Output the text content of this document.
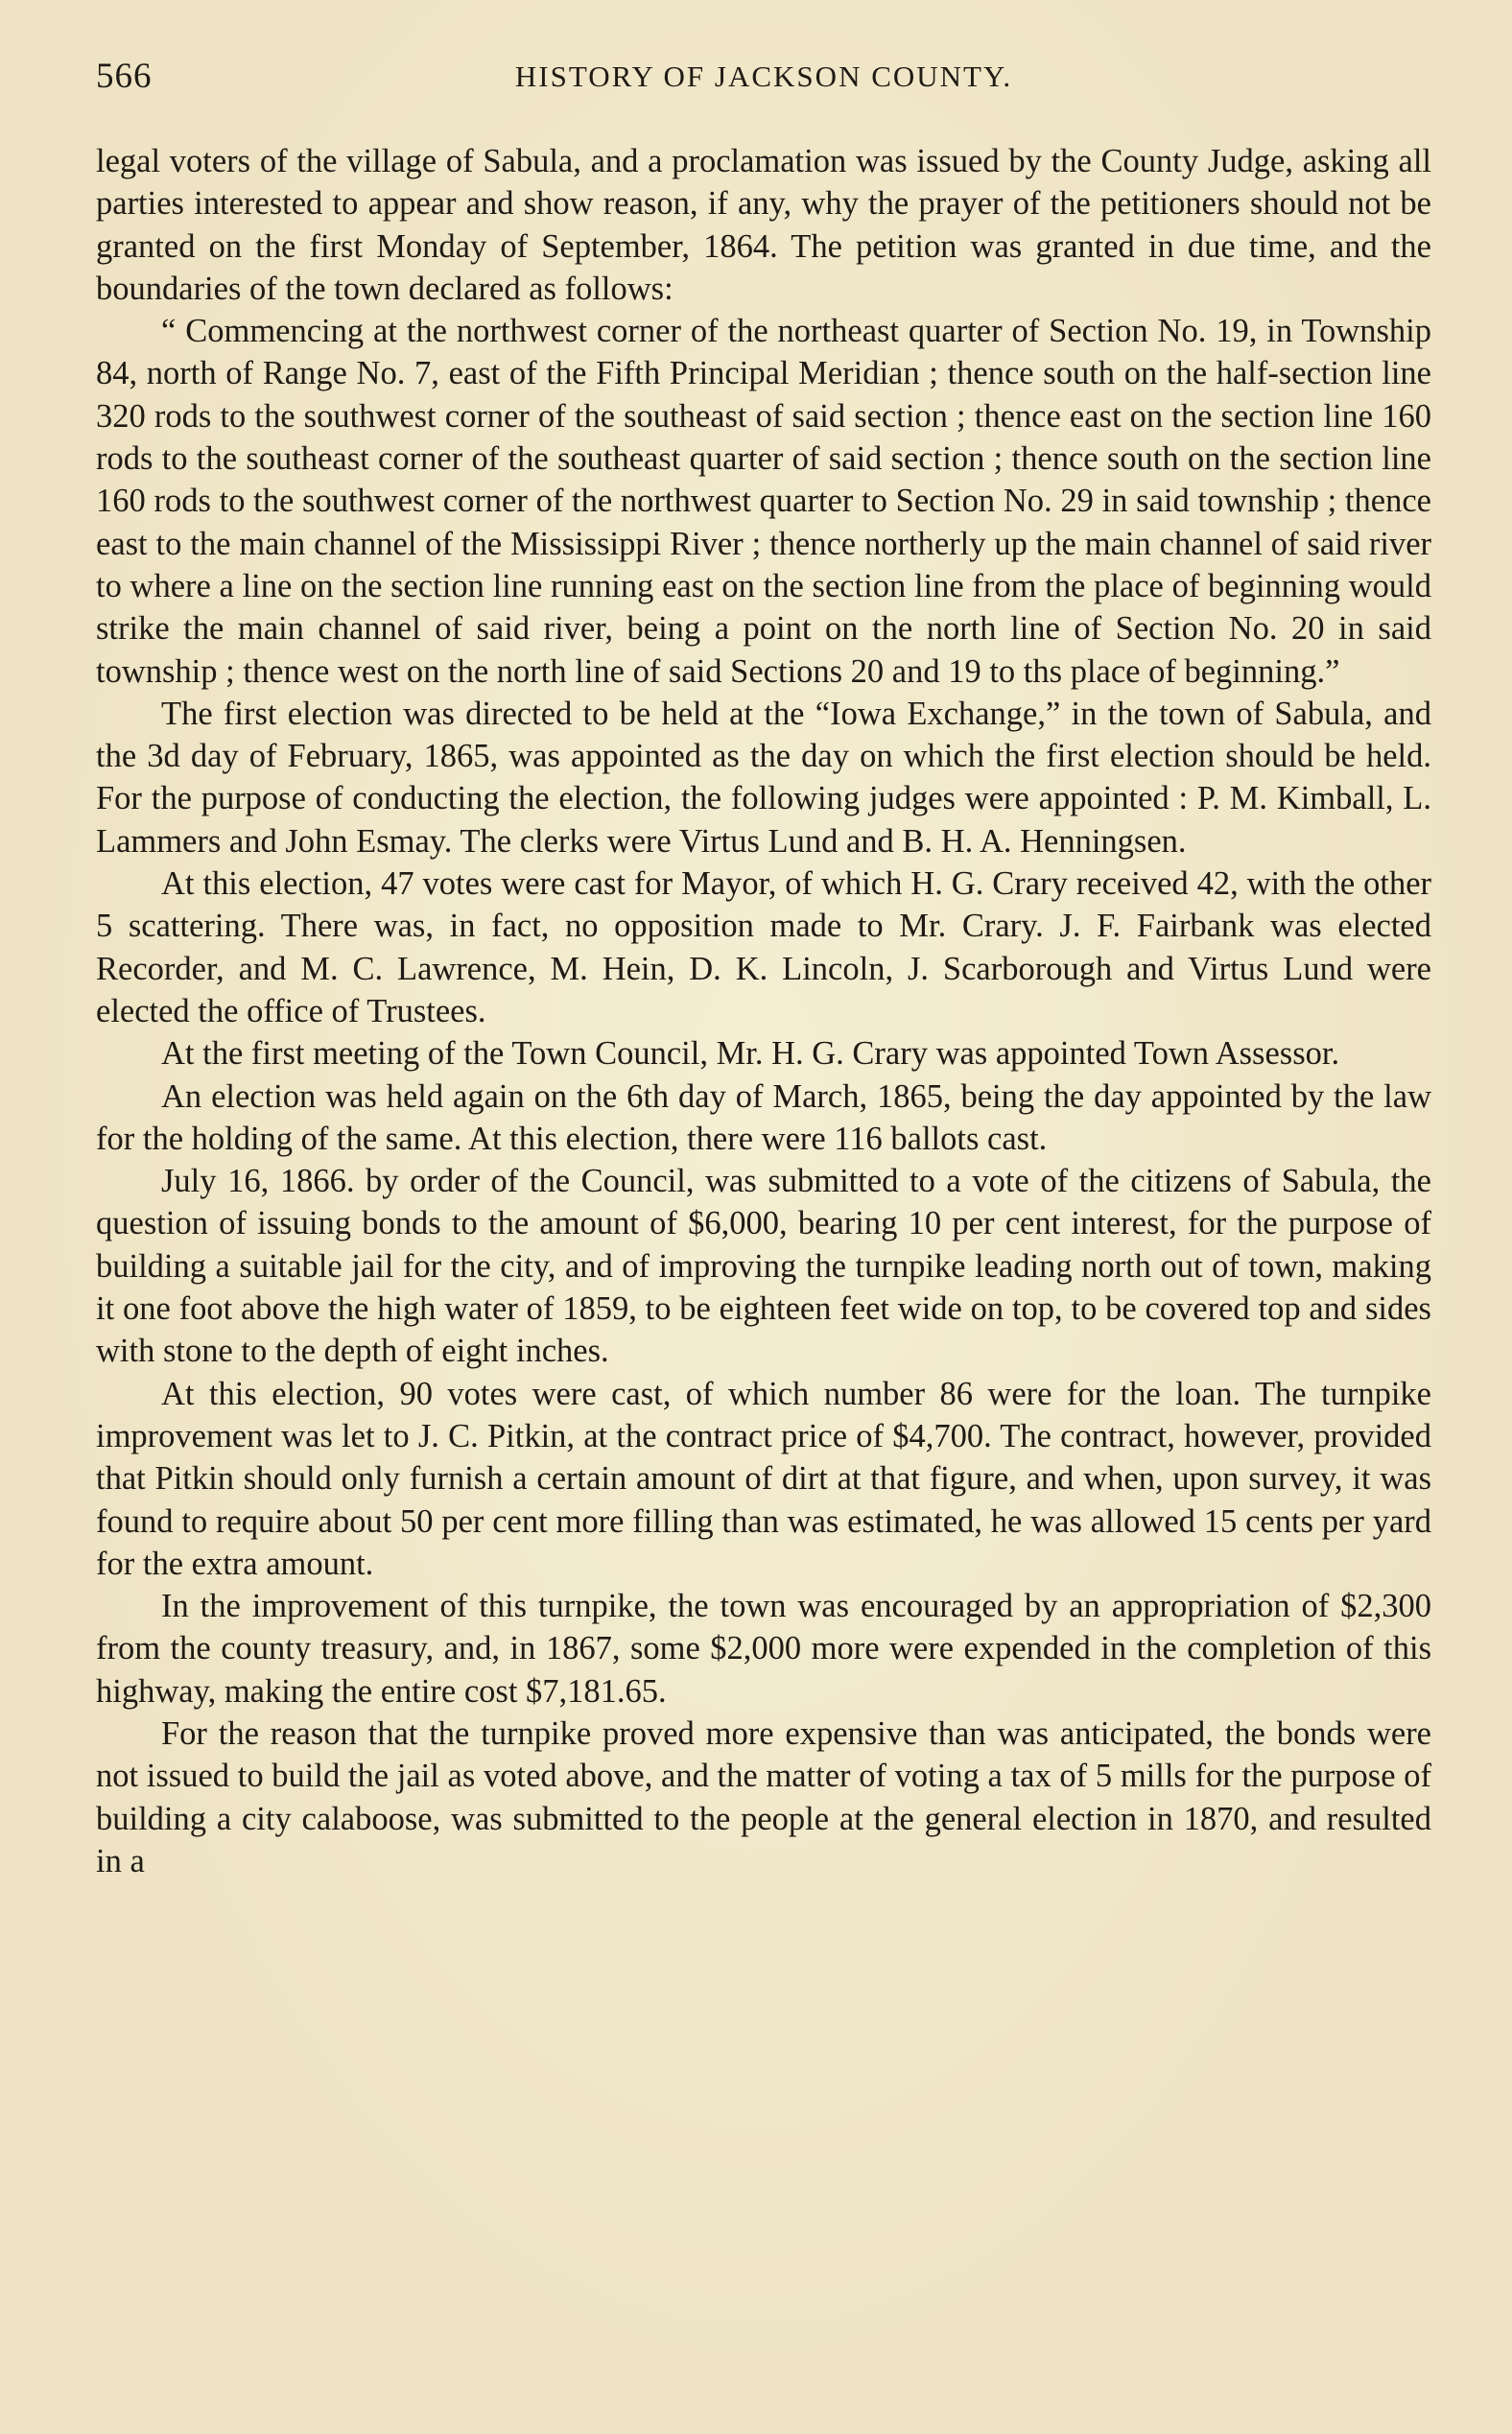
566	HISTORY OF JACKSON COUNTY.

legal voters of the village of Sabula, and a proclamation was issued by the County Judge, asking all parties interested to appear and show reason, if any, why the prayer of the petitioners should not be granted on the first Monday of September, 1864. The petition was granted in due time, and the boundaries of the town declared as follows:

“ Commencing at the northwest corner of the northeast quarter of Section No. 19, in Township 84, north of Range No. 7, east of the Fifth Principal Meridian ; thence south on the half-section line 320 rods to the southwest corner of the southeast of said section ; thence east on the section line 160 rods to the southeast corner of the southeast quarter of said section ; thence south on the section line 160 rods to the southwest corner of the northwest quarter to Section No. 29 in said township ; thence east to the main channel of the Mississippi River ; thence northerly up the main channel of said river to where a line on the section line running east on the section line from the place of beginning would strike the main channel of said river, being a point on the north line of Section No. 20 in said township ; thence west on the north line of said Sections 20 and 19 to ths place of beginning.”

The first election was directed to be held at the “Iowa Exchange,” in the town of Sabula, and the 3d day of February, 1865, was appointed as the day on which the first election should be held. For the purpose of conducting the election, the following judges were appointed : P. M. Kimball, L. Lammers and John Esmay. The clerks were Virtus Lund and B. H. A. Henningsen.

At this election, 47 votes were cast for Mayor, of which H. G. Crary received 42, with the other 5 scattering. There was, in fact, no opposition made to Mr. Crary. J. F. Fairbank was elected Recorder, and M. C. Lawrence, M. Hein, D. K. Lincoln, J. Scarborough and Virtus Lund were elected the office of Trustees.

At the first meeting of the Town Council, Mr. H. G. Crary was appointed Town Assessor.

An election was held again on the 6th day of March, 1865, being the day appointed by the law for the holding of the same. At this election, there were 116 ballots cast.

July 16, 1866. by order of the Council, was submitted to a vote of the citizens of Sabula, the question of issuing bonds to the amount of $6,000, bearing 10 per cent interest, for the purpose of building a suitable jail for the city, and of improving the turnpike leading north out of town, making it one foot above the high water of 1859, to be eighteen feet wide on top, to be covered top and sides with stone to the depth of eight inches.

At this election, 90 votes were cast, of which number 86 were for the loan. The turnpike improvement was let to J. C. Pitkin, at the contract price of $4,700. The contract, however, provided that Pitkin should only furnish a certain amount of dirt at that figure, and when, upon survey, it was found to require about 50 per cent more filling than was estimated, he was allowed 15 cents per yard for the extra amount.

In the improvement of this turnpike, the town was encouraged by an appropriation of $2,300 from the county treasury, and, in 1867, some $2,000 more were expended in the completion of this highway, making the entire cost $7,181.65.

For the reason that the turnpike proved more expensive than was anticipated, the bonds were not issued to build the jail as voted above, and the matter of voting a tax of 5 mills for the purpose of building a city calaboose, was submitted to the people at the general election in 1870, and resulted in a
